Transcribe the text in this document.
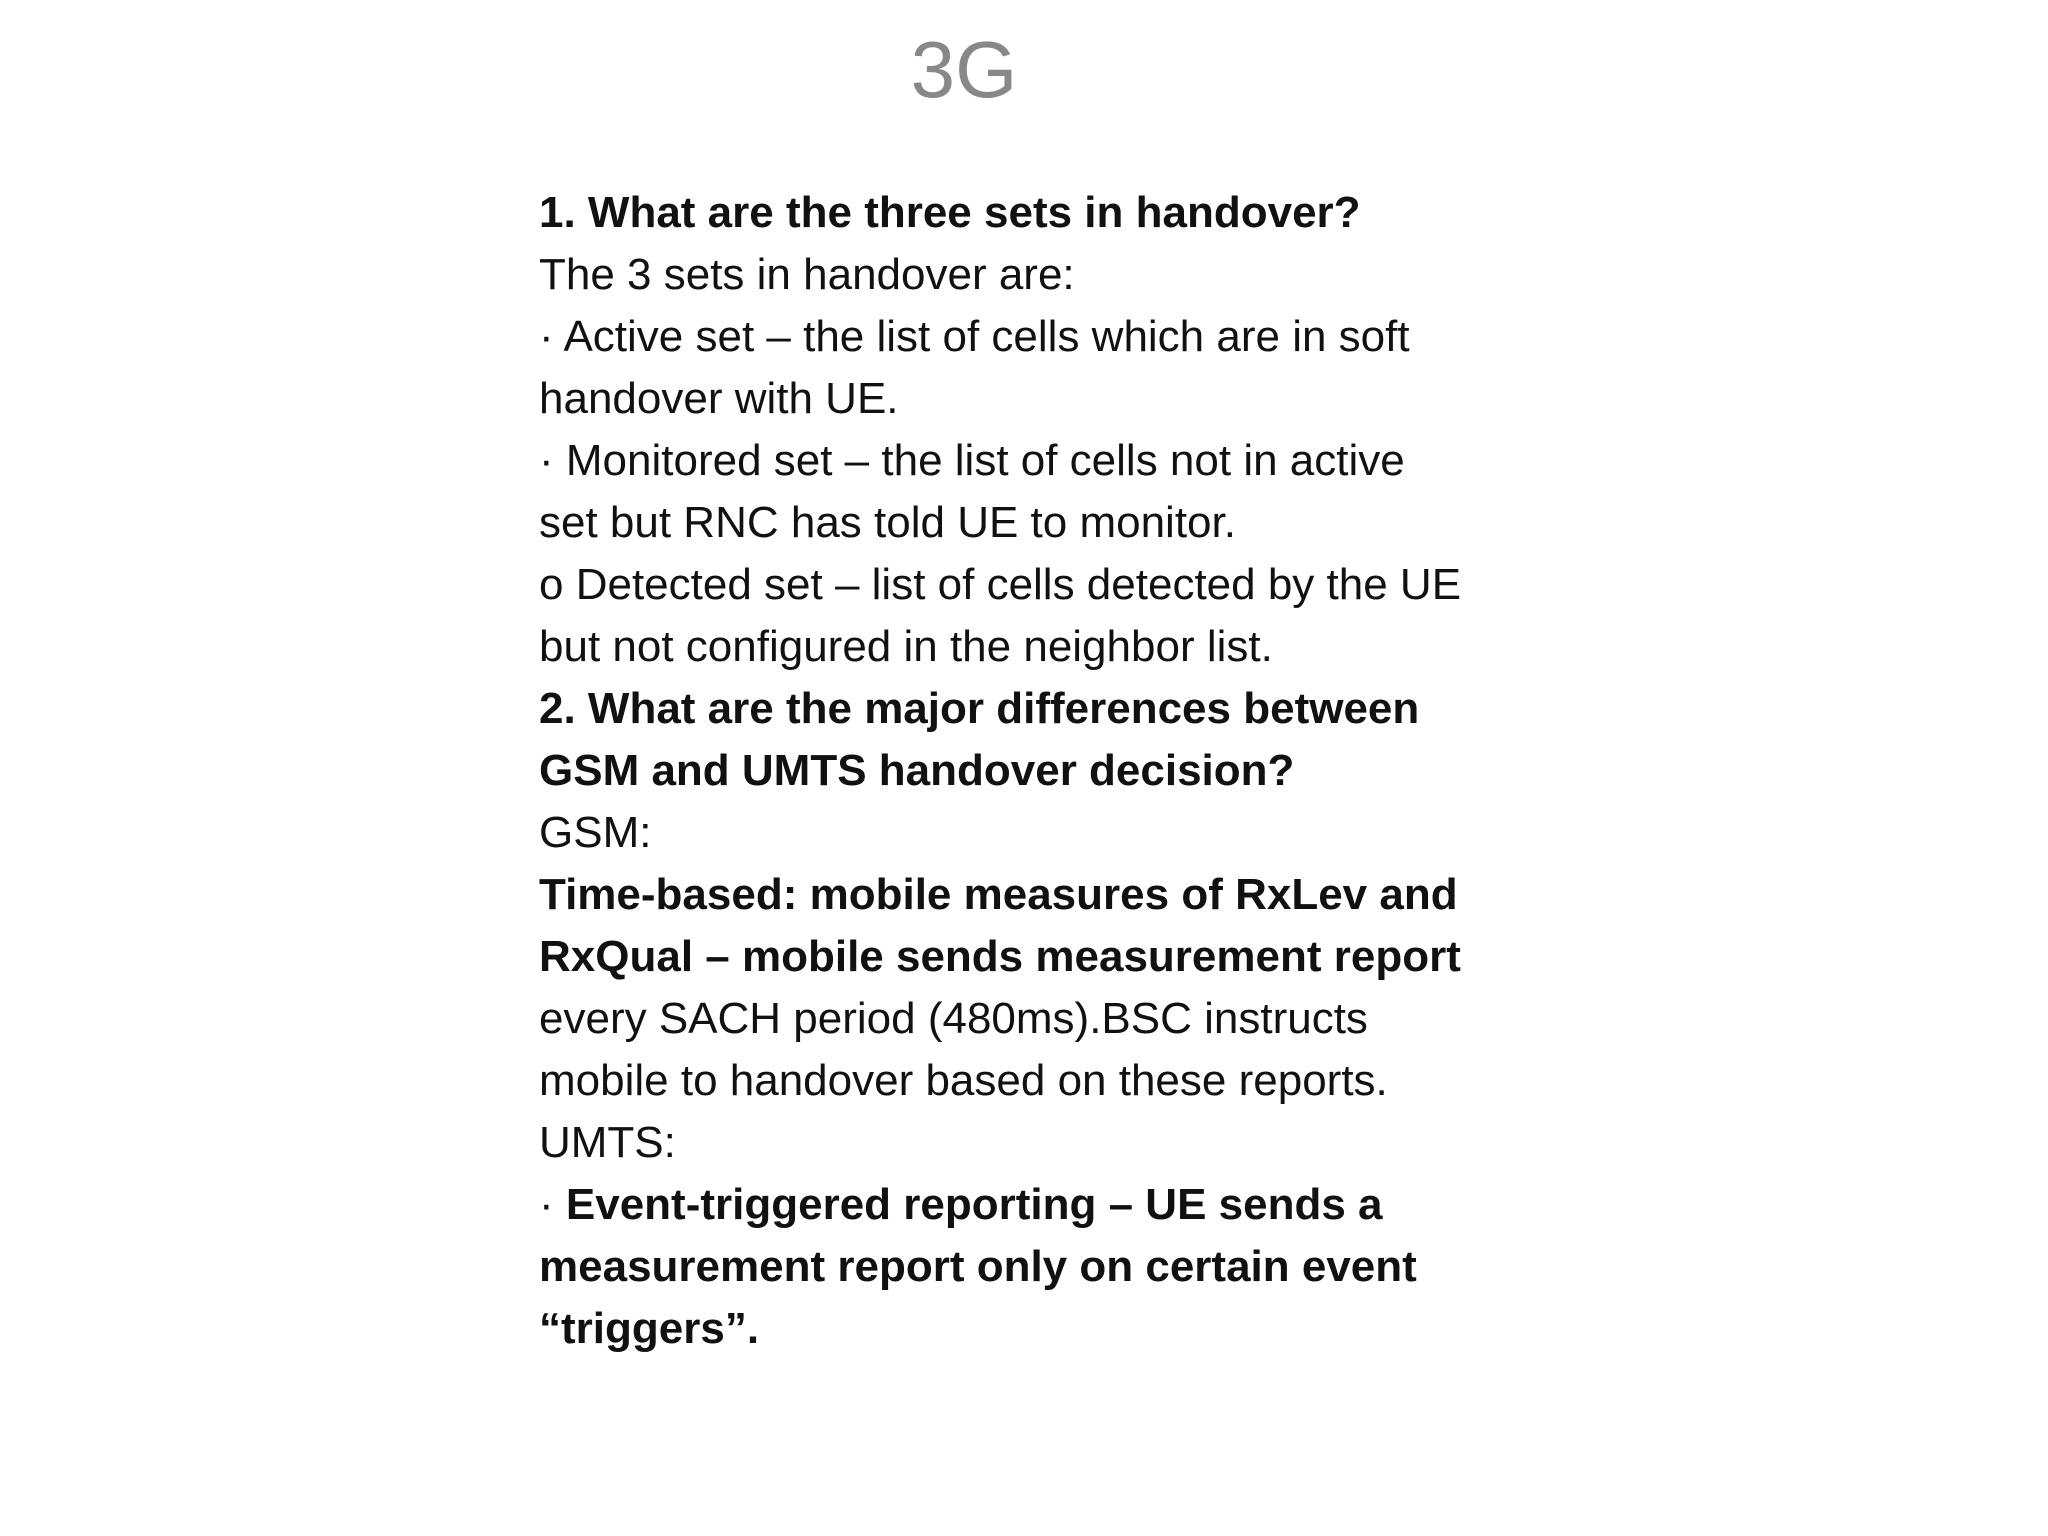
3G
1. What are the three sets in handover?
The 3 sets in handover are:
· Active set – the list of cells which are in soft
handover with UE.
· Monitored set – the list of cells not in active
set but RNC has told UE to monitor.
o Detected set – list of cells detected by the UE
but not configured in the neighbor list.
2. What are the major differences between
GSM and UMTS handover decision?
GSM:
Time-based: mobile measures of RxLev and
RxQual – mobile sends measurement report
every SACH period (480ms).BSC instructs
mobile to handover based on these reports.
UMTS:
· Event-triggered reporting – UE sends a
measurement report only on certain event
“triggers”.
